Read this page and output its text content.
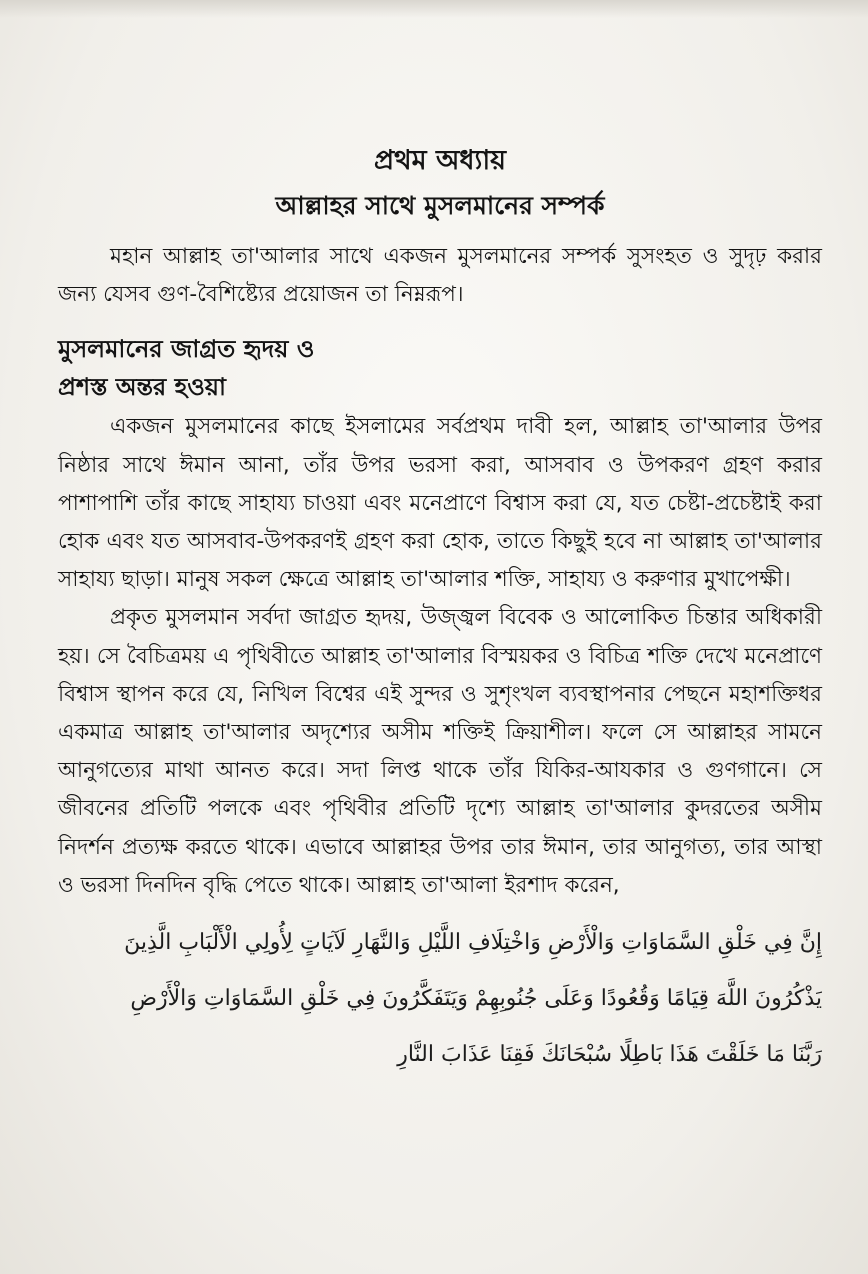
প্রথম অধ্যায়
আল্লাহর সাথে মুসলমানের সম্পর্ক

মহান আল্লাহ তা'আলার সাথে একজন মুসলমানের সম্পর্ক সুসংহত ও সুদৃঢ় করার জন্য যেসব গুণ-বৈশিষ্ট্যের প্রয়োজন তা নিম্নরূপ।

মুসলমানের জাগ্রত হৃদয় ও
প্রশস্ত অন্তর হওয়া

একজন মুসলমানের কাছে ইসলামের সর্বপ্রথম দাবী হল, আল্লাহ তা'আলার উপর নিষ্ঠার সাথে ঈমান আনা, তাঁর উপর ভরসা করা, আসবাব ও উপকরণ গ্রহণ করার পাশাপাশি তাঁর কাছে সাহায্য চাওয়া এবং মনেপ্রাণে বিশ্বাস করা যে, যত চেষ্টা-প্রচেষ্টাই করা হোক এবং যত আসবাব-উপকরণই গ্রহণ করা হোক, তাতে কিছুই হবে না আল্লাহ তা'আলার সাহায্য ছাড়া। মানুষ সকল ক্ষেত্রে আল্লাহ তা'আলার শক্তি, সাহায্য ও করুণার মুখাপেক্ষী।

প্রকৃত মুসলমান সর্বদা জাগ্রত হৃদয়, উজ্জ্বল বিবেক ও আলোকিত চিন্তার অধিকারী হয়। সে বৈচিত্রময় এ পৃথিবীতে আল্লাহ তা'আলার বিস্ময়কর ও বিচিত্র শক্তি দেখে মনেপ্রাণে বিশ্বাস স্থাপন করে যে, নিখিল বিশ্বের এই সুন্দর ও সুশৃংখল ব্যবস্থাপনার পেছনে মহাশক্তিধর একমাত্র আল্লাহ তা'আলার অদৃশ্যের অসীম শক্তিই ক্রিয়াশীল। ফলে সে আল্লাহর সামনে আনুগত্যের মাথা আনত করে। সদা লিপ্ত থাকে তাঁর যিকির-আযকার ও গুণগানে। সে জীবনের প্রতিটি পলকে এবং পৃথিবীর প্রতিটি দৃশ্যে আল্লাহ তা'আলার কুদরতের অসীম নিদর্শন প্রত্যক্ষ করতে থাকে। এভাবে আল্লাহর উপর তার ঈমান, তার আনুগত্য, তার আস্থা ও ভরসা দিনদিন বৃদ্ধি পেতে থাকে। আল্লাহ তা'আলা ইরশাদ করেন,

إِنَّ فِي خَلْقِ السَّمَاوَاتِ وَالْأَرْضِ وَاخْتِلَافِ اللَّيْلِ وَالنَّهَارِ لَآيَاتٍ لِأُولِي الْأَلْبَابِ الَّذِينَ
يَذْكُرُونَ اللَّهَ قِيَامًا وَقُعُودًا وَعَلَى جُنُوبِهِمْ وَيَتَفَكَّرُونَ فِي خَلْقِ السَّمَاوَاتِ وَالْأَرْضِ
رَبَّنَا مَا خَلَقْتَ هَذَا بَاطِلًا سُبْحَانَكَ فَقِنَا عَذَابَ النَّارِ
